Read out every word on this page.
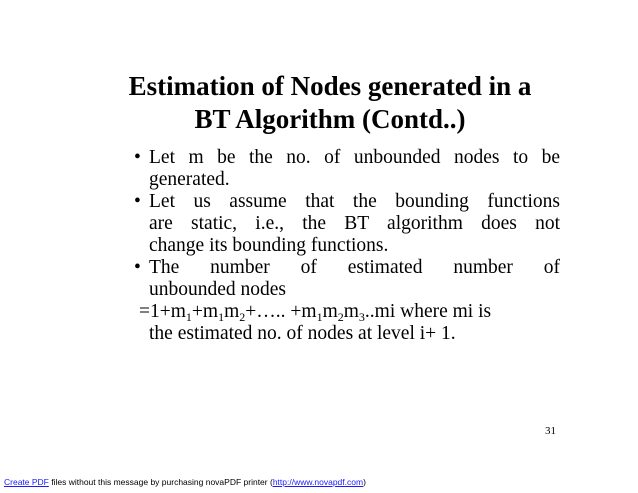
Estimation of Nodes generated in a
BT Algorithm (Contd..)
• Let m be the no. of unbounded nodes to be
generated.
• Let us assume that the bounding functions
are static, i.e., the BT algorithm does not
change its bounding functions.
• The number of estimated number of
unbounded nodes
$=1+m_1+m_1m_2+\dots$.. $+m_1m_2m_3..mi$ where mi is
the estimated no. of nodes at level i+ 1.
31
Create PDF files without this message by purchasing novaPDF printer (http://www.novapdf.com)
